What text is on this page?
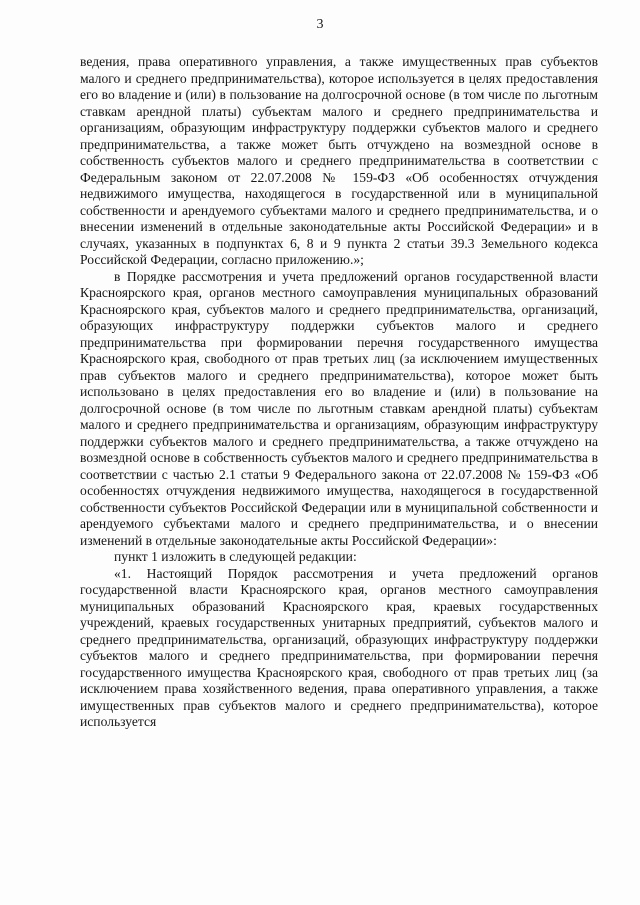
3

ведения, права оперативного управления, а также имущественных прав субъектов малого и среднего предпринимательства), которое используется в целях предоставления его во владение и (или) в пользование на долгосрочной основе (в том числе по льготным ставкам арендной платы) субъектам малого и среднего предпринимательства и организациям, образующим инфраструктуру поддержки субъектов малого и среднего предпринимательства, а также может быть отчуждено на возмездной основе в собственность субъектов малого и среднего предпринимательства в соответствии с Федеральным законом от 22.07.2008 № 159-ФЗ «Об особенностях отчуждения недвижимого имущества, находящегося в государственной или в муниципальной собственности и арендуемого субъектами малого и среднего предпринимательства, и о внесении изменений в отдельные законодательные акты Российской Федерации» и в случаях, указанных в подпунктах 6, 8 и 9 пункта 2 статьи 39.3 Земельного кодекса Российской Федерации, согласно приложению.»;

в Порядке рассмотрения и учета предложений органов государственной власти Красноярского края, органов местного самоуправления муниципальных образований Красноярского края, субъектов малого и среднего предпринимательства, организаций, образующих инфраструктуру поддержки субъектов малого и среднего предпринимательства при формировании перечня государственного имущества Красноярского края, свободного от прав третьих лиц (за исключением имущественных прав субъектов малого и среднего предпринимательства), которое может быть использовано в целях предоставления его во владение и (или) в пользование на долгосрочной основе (в том числе по льготным ставкам арендной платы) субъектам малого и среднего предпринимательства и организациям, образующим инфраструктуру поддержки субъектов малого и среднего предпринимательства, а также отчуждено на возмездной основе в собственность субъектов малого и среднего предпринимательства в соответствии с частью 2.1 статьи 9 Федерального закона от 22.07.2008 № 159-ФЗ «Об особенностях отчуждения недвижимого имущества, находящегося в государственной собственности субъектов Российской Федерации или в муниципальной собственности и арендуемого субъектами малого и среднего предпринимательства, и о внесении изменений в отдельные законодательные акты Российской Федерации»:

пункт 1 изложить в следующей редакции:

«1. Настоящий Порядок рассмотрения и учета предложений органов государственной власти Красноярского края, органов местного самоуправления муниципальных образований Красноярского края, краевых государственных учреждений, краевых государственных унитарных предприятий, субъектов малого и среднего предпринимательства, организаций, образующих инфраструктуру поддержки субъектов малого и среднего предпринимательства, при формировании перечня государственного имущества Красноярского края, свободного от прав третьих лиц (за исключением права хозяйственного ведения, права оперативного управления, а также имущественных прав субъектов малого и среднего предпринимательства), которое используется
